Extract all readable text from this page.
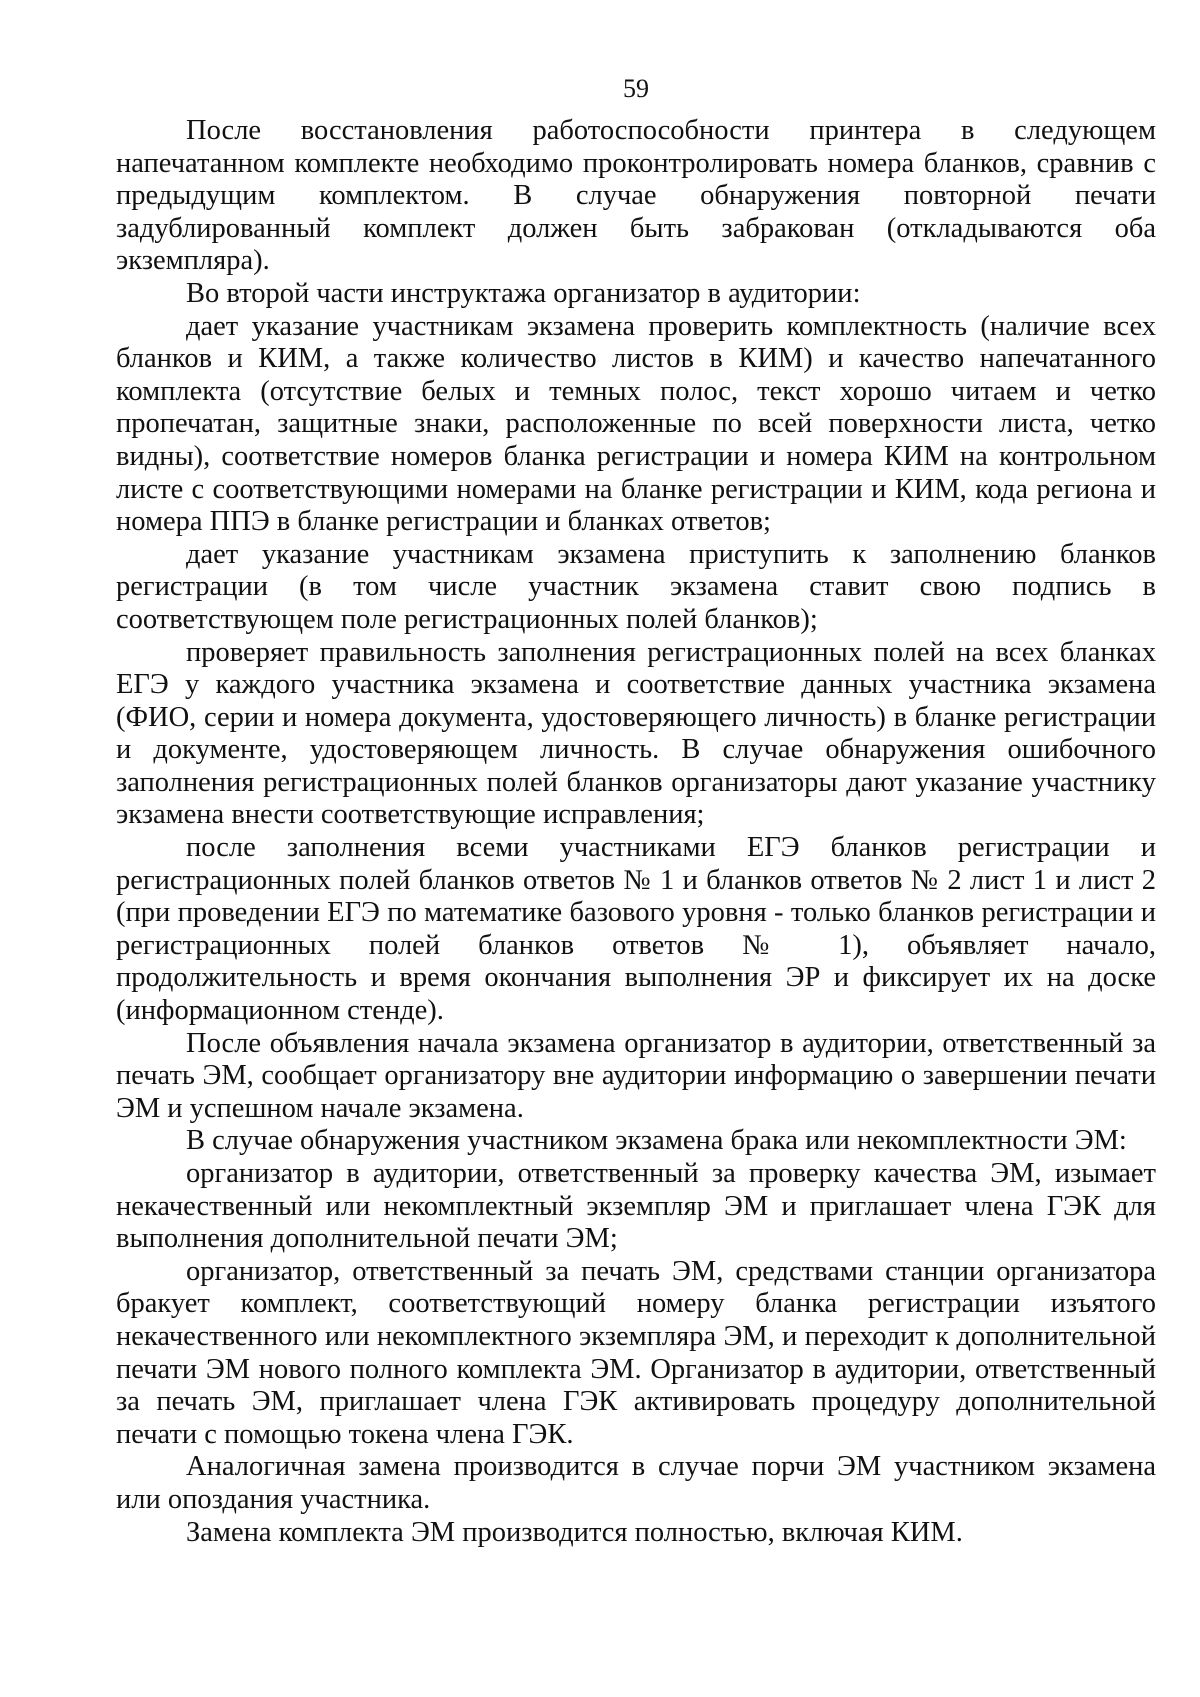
59

После восстановления работоспособности принтера в следующем напечатанном комплекте необходимо проконтролировать номера бланков, сравнив с предыдущим комплектом. В случае обнаружения повторной печати задублированный комплект должен быть забракован (откладываются оба экземпляра).

Во второй части инструктажа организатор в аудитории:

дает указание участникам экзамена проверить комплектность (наличие всех бланков и КИМ, а также количество листов в КИМ) и качество напечатанного комплекта (отсутствие белых и темных полос, текст хорошо читаем и четко пропечатан, защитные знаки, расположенные по всей поверхности листа, четко видны), соответствие номеров бланка регистрации и номера КИМ на контрольном листе с соответствующими номерами на бланке регистрации и КИМ, кода региона и номера ППЭ в бланке регистрации и бланках ответов;

дает указание участникам экзамена приступить к заполнению бланков регистрации (в том числе участник экзамена ставит свою подпись в соответствующем поле регистрационных полей бланков);

проверяет правильность заполнения регистрационных полей на всех бланках ЕГЭ у каждого участника экзамена и соответствие данных участника экзамена (ФИО, серии и номера документа, удостоверяющего личность) в бланке регистрации и документе, удостоверяющем личность. В случае обнаружения ошибочного заполнения регистрационных полей бланков организаторы дают указание участнику экзамена внести соответствующие исправления;

после заполнения всеми участниками ЕГЭ бланков регистрации и регистрационных полей бланков ответов № 1 и бланков ответов № 2 лист 1 и лист 2 (при проведении ЕГЭ по математике базового уровня - только бланков регистрации и регистрационных полей бланков ответов № 1), объявляет начало, продолжительность и время окончания выполнения ЭР и фиксирует их на доске (информационном стенде).

После объявления начала экзамена организатор в аудитории, ответственный за печать ЭМ, сообщает организатору вне аудитории информацию о завершении печати ЭМ и успешном начале экзамена.

В случае обнаружения участником экзамена брака или некомплектности ЭМ:

организатор в аудитории, ответственный за проверку качества ЭМ, изымает некачественный или некомплектный экземпляр ЭМ и приглашает члена ГЭК для выполнения дополнительной печати ЭМ;

организатор, ответственный за печать ЭМ, средствами станции организатора бракует комплект, соответствующий номеру бланка регистрации изъятого некачественного или некомплектного экземпляра ЭМ, и переходит к дополнительной печати ЭМ нового полного комплекта ЭМ. Организатор в аудитории, ответственный за печать ЭМ, приглашает члена ГЭК активировать процедуру дополнительной печати с помощью токена члена ГЭК.

Аналогичная замена производится в случае порчи ЭМ участником экзамена или опоздания участника.

Замена комплекта ЭМ производится полностью, включая КИМ.
